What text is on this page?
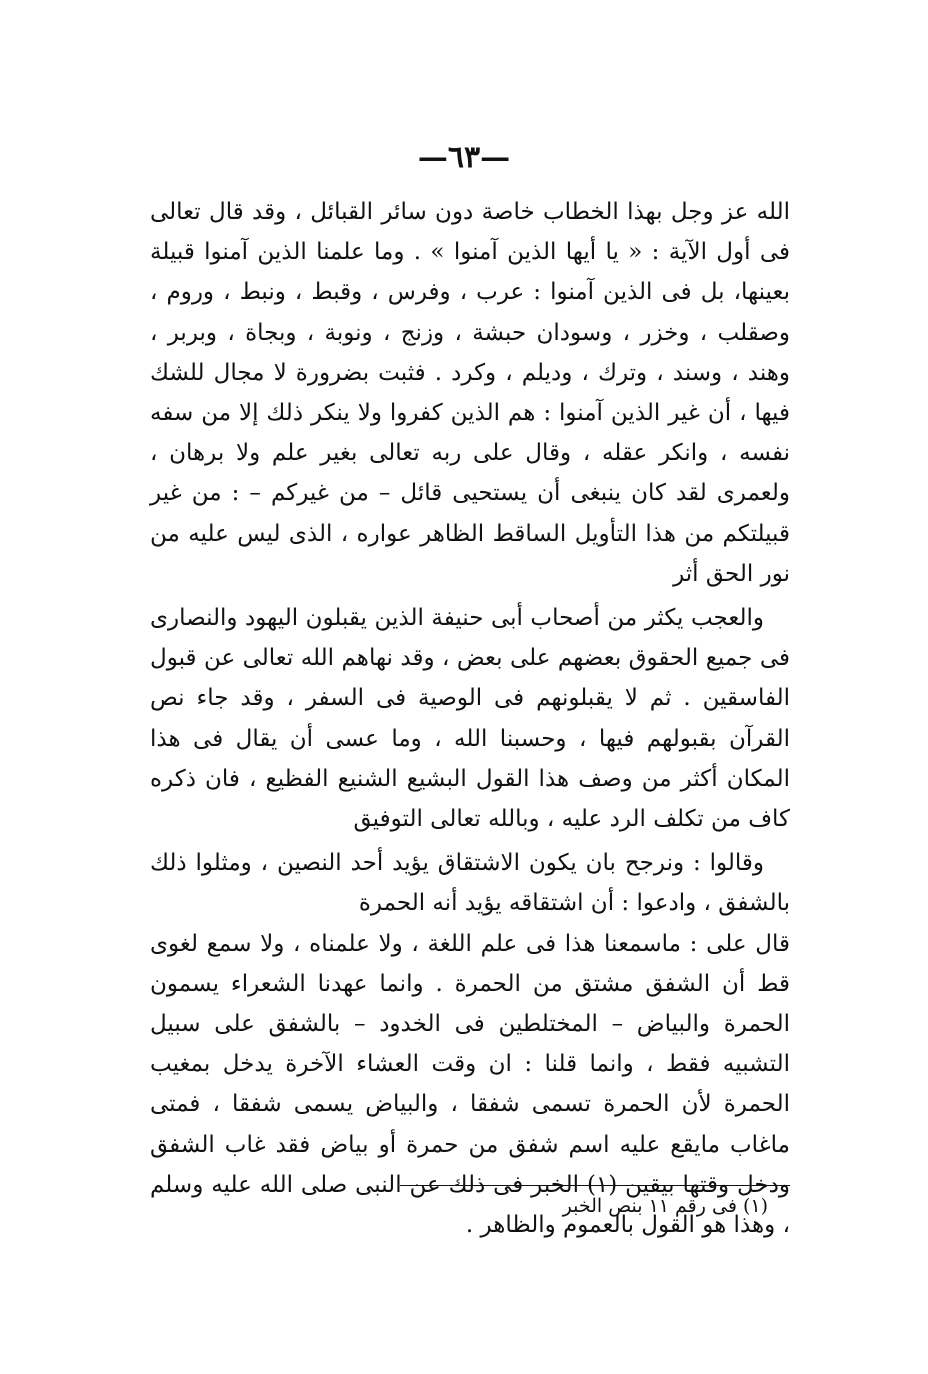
—٦٣—

الله عز وجل بهذا الخطاب خاصة دون سائر القبائل ، وقد قال تعالى فى أول الآية : « يا أيها الذين آمنوا » . وما علمنا الذين آمنوا قبيلة بعينها، بل فى الذين آمنوا : عرب ، وفرس ، وقبط ، ونبط ، وروم ، وصقلب ، وخزر ، وسودان حبشة ، وزنج ، ونوبة ، وبجاة ، وبربر ، وهند ، وسند ، وترك ، وديلم ، وكرد . فثبت بضرورة لا مجال للشك فيها ، أن غير الذين آمنوا : هم الذين كفروا ولا ينكر ذلك إلا من سفه نفسه ، وانكر عقله ، وقال على ربه تعالى بغير علم ولا برهان ، ولعمرى لقد كان ينبغى أن يستحيى قائل – من غيركم – : من غير قبيلتكم من هذا التأويل الساقط الظاهر عواره ، الذى ليس عليه من نور الحق أثر

والعجب يكثر من أصحاب أبى حنيفة الذين يقبلون اليهود والنصارى فى جميع الحقوق بعضهم على بعض ، وقد نهاهم الله تعالى عن قبول الفاسقين . ثم لا يقبلونهم فى الوصية فى السفر ، وقد جاء نص القرآن بقبولهم فيها ، وحسبنا الله ، وما عسى أن يقال فى هذا المكان أكثر من وصف هذا القول البشيع الشنيع الفظيع ، فان ذكره كاف من تكلف الرد عليه ، وبالله تعالى التوفيق

وقالوا : ونرجح بان يكون الاشتقاق يؤيد أحد النصين ، ومثلوا ذلك بالشفق ، وادعوا : أن اشتقاقه يؤيد أنه الحمرة

قال على : ماسمعنا هذا فى علم اللغة ، ولا علمناه ، ولا سمع لغوى قط أن الشفق مشتق من الحمرة . وانما عهدنا الشعراء يسمون الحمرة والبياض – المختلطين فى الخدود – بالشفق على سبيل التشبيه فقط ، وانما قلنا : ان وقت العشاء الآخرة يدخل بمغيب الحمرة لأن الحمرة تسمى شفقا ، والبياض يسمى شفقا ، فمتى ماغاب مايقع عليه اسم شفق من حمرة أو بياض فقد غاب الشفق ودخل وقتها بيقين (١) الخبر فى ذلك عن النبى صلى الله عليه وسلم ، وهذا هو القول بالعموم والظاهر .

(١) فى رقم ١١ بنص الخبر
